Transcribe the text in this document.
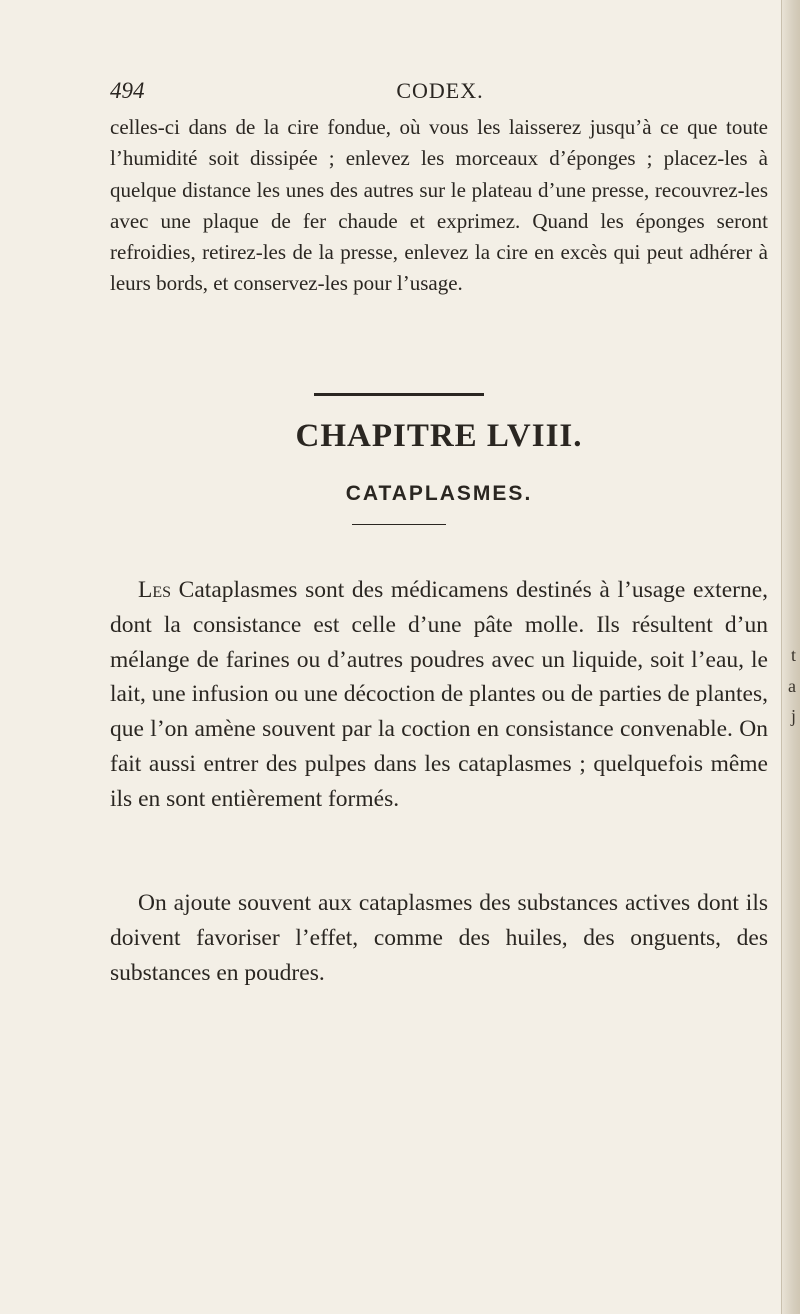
t
a
j
494	CODEX.
celles-ci dans de la cire fondue, où vous les laisserez jusqu’à ce que toute l’humidité soit dissipée ; enlevez les morceaux d’éponges ; placez-les à quelque distance les unes des autres sur le plateau d’une presse, recouvrez-les avec une plaque de fer chaude et exprimez. Quand les éponges seront refroidies, retirez-les de la presse, enlevez la cire en excès qui peut adhérer à leurs bords, et conservez-les pour l’usage.
CHAPITRE LVIII.
CATAPLASMES.
Les Cataplasmes sont des médicamens destinés à l’usage externe, dont la consistance est celle d’une pâte molle. Ils résultent d’un mélange de farines ou d’autres poudres avec un liquide, soit l’eau, le lait, une infusion ou une décoction de plantes ou de parties de plantes, que l’on amène souvent par la coction en consistance convenable. On fait aussi entrer des pulpes dans les cataplasmes ; quelquefois même ils en sont entièrement formés.
On ajoute souvent aux cataplasmes des substances actives dont ils doivent favoriser l’effet, comme des huiles, des onguents, des substances en poudres.
